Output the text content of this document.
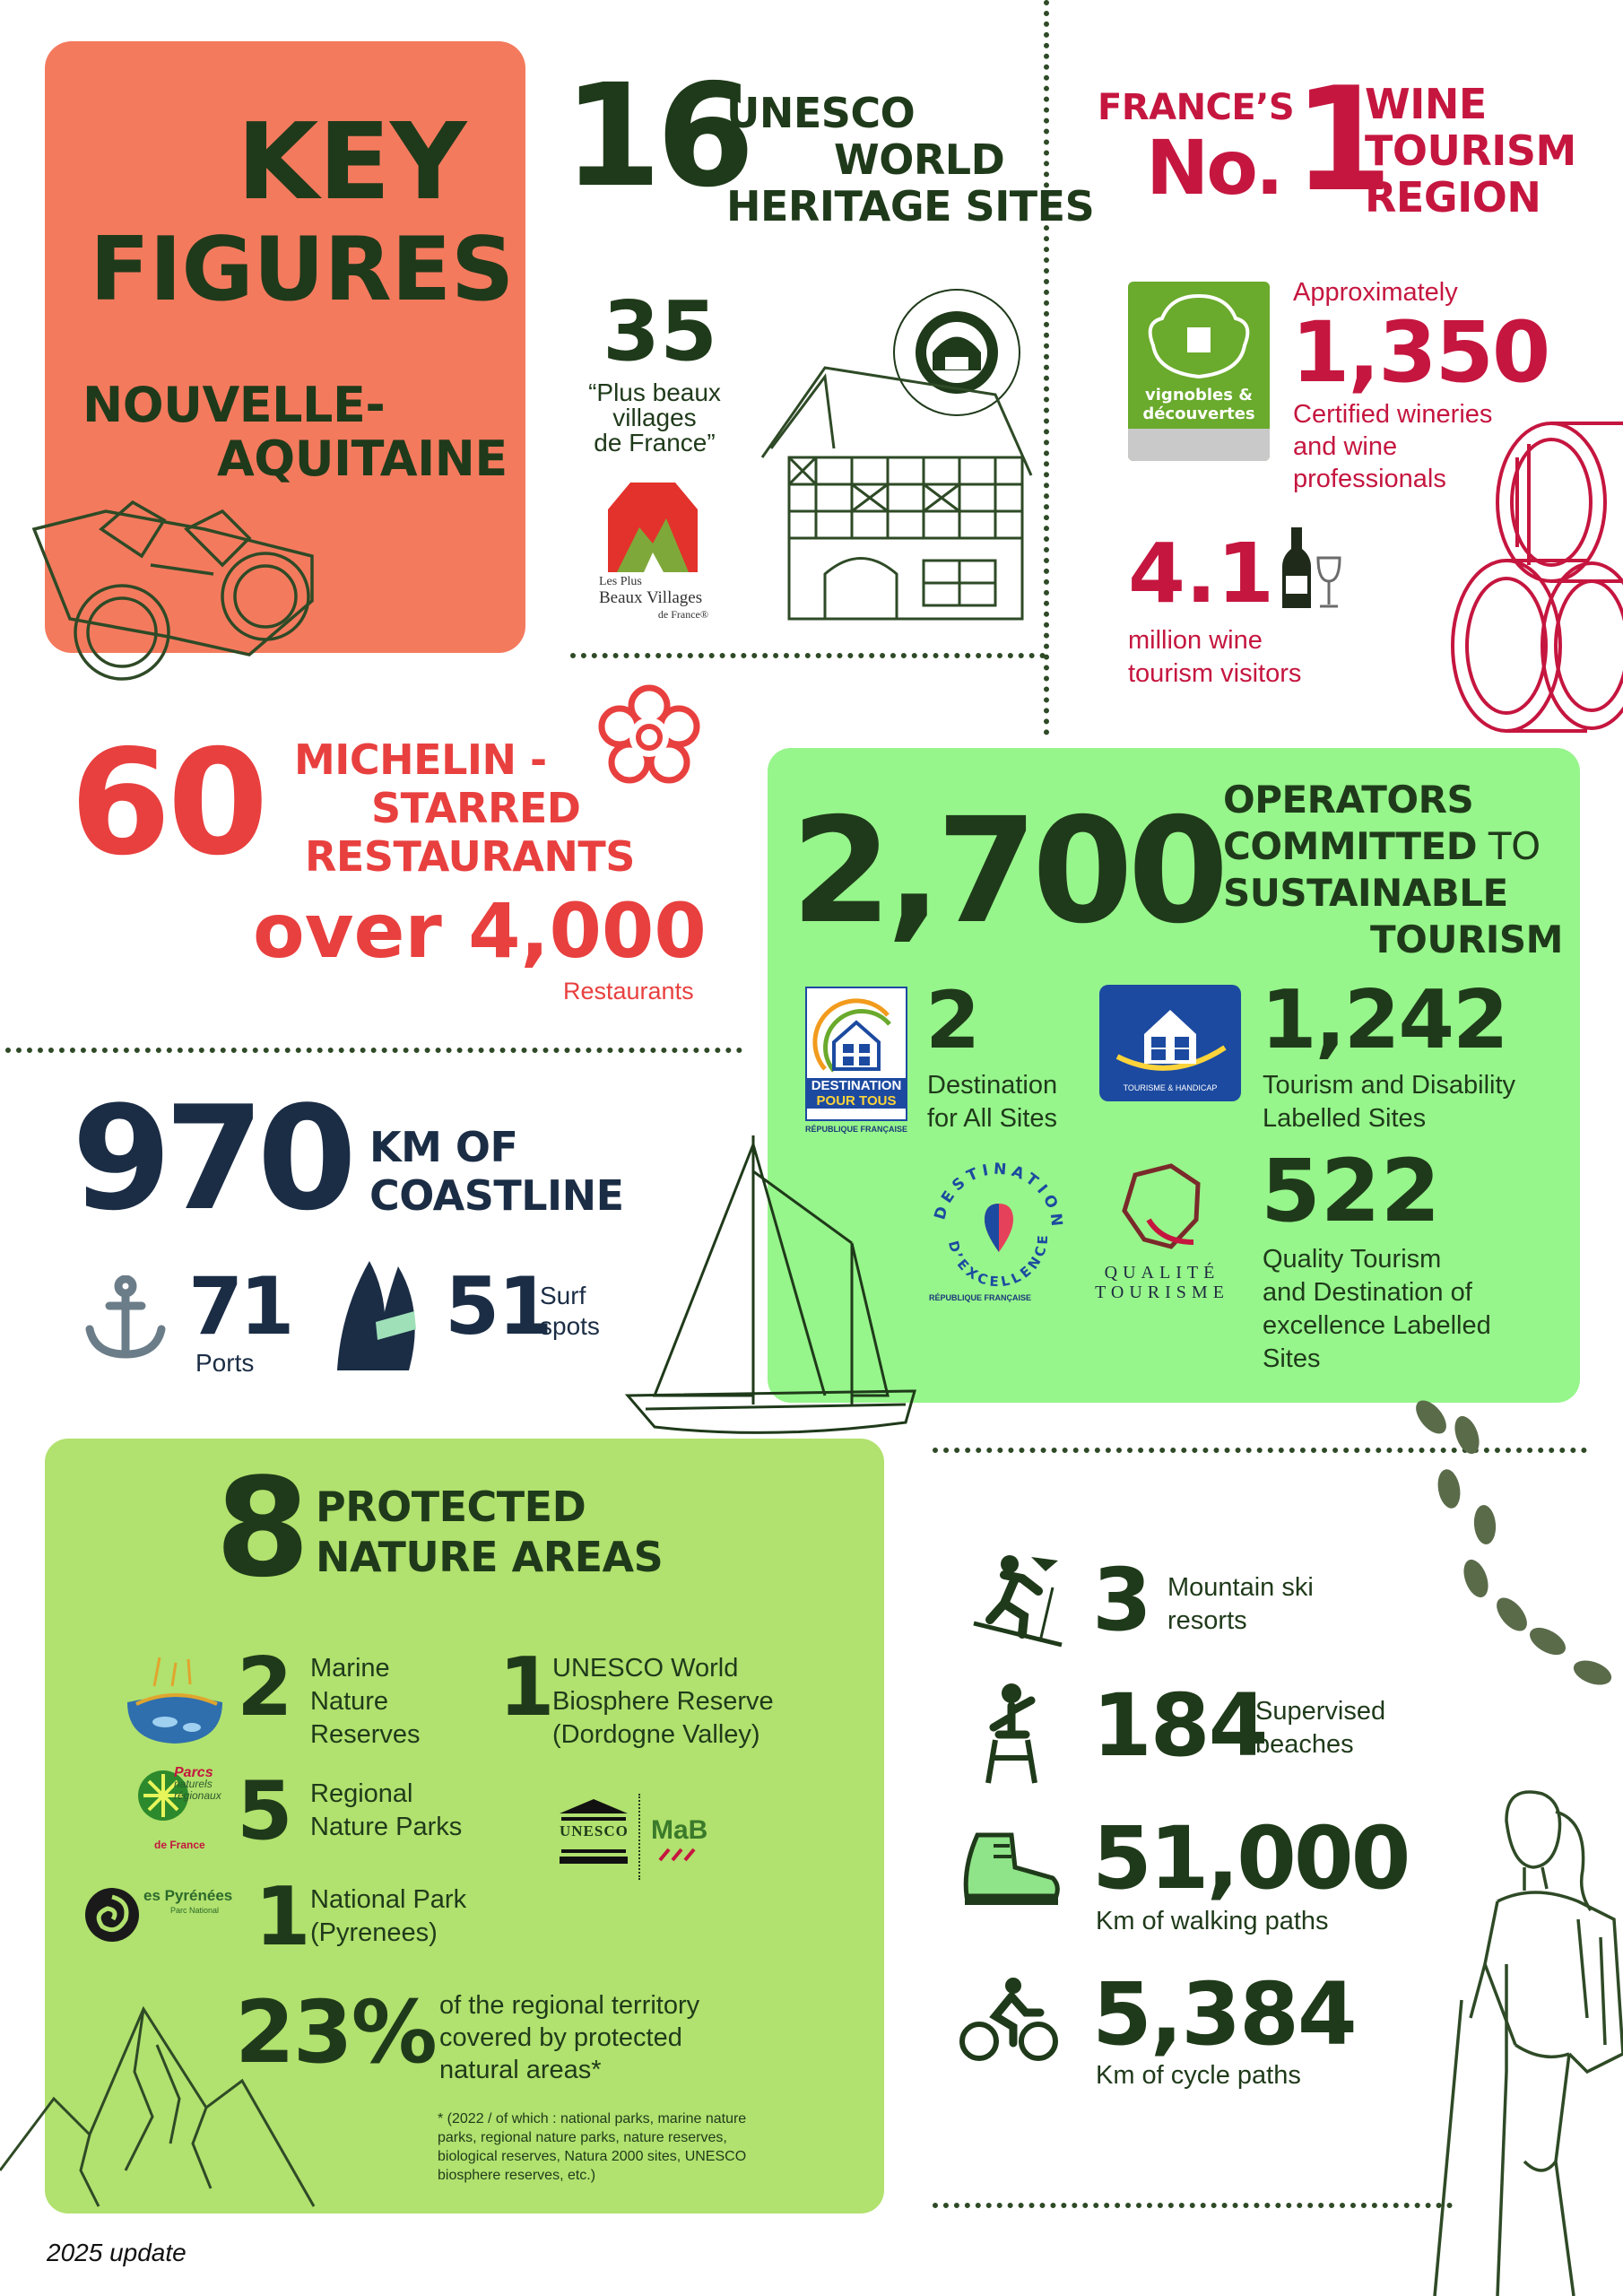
KEY
FIGURES
NOUVELLE-
AQUITAINE
16
UNESCO
WORLD
HERITAGE SITES
35
“Plus beaux
villages
de France”
Les Plus
Beaux Villages
de France®
FRANCE’S
No. 1
WINE
TOURISM
REGION
vignobles &
découvertes
Approximately
1,350
Certified wineries
and wine
professionals
4.1
million wine
tourism visitors
60 MICHELIN -
STARRED
RESTAURANTS
over 4,000
Restaurants
2,700 OPERATORS
COMMITTED TO
SUSTAINABLE
TOURISM
DESTINATION
POUR TOUS
RÉPUBLIQUE FRANÇAISE
2
Destination
for All Sites
TOURISME & HANDICAP
1,242
Tourism and Disability
Labelled Sites
DESTINATION
D’EXCELLENCE
RÉPUBLIQUE FRANÇAISE
QUALITÉ
TOURISME
522
Quality Tourism
and Destination of
excellence Labelled
Sites
970 KM OF
COASTLINE
71
Ports
51
Surf
spots
8 PROTECTED
NATURE AREAS
2 Marine
Nature
Reserves 1
UNESCO World
Biosphere Reserve
(Dordogne Valley)
Parcs
naturels
régionaux
de France 5 Regional
Nature Parks	UNESCO MaB
es Pyrénées
Parc National 1 National Park
(Pyrenees)
23% of the regional territory
covered by protected
natural areas*
* (2022 / of which : national parks, marine nature
parks, regional nature parks, nature reserves,
biological reserves, Natura 2000 sites, UNESCO
biosphere reserves, etc.)
3 Mountain ski
resorts
184
Supervised
beaches
51,000
Km of walking paths
5,384
Km of cycle paths
2025 update
